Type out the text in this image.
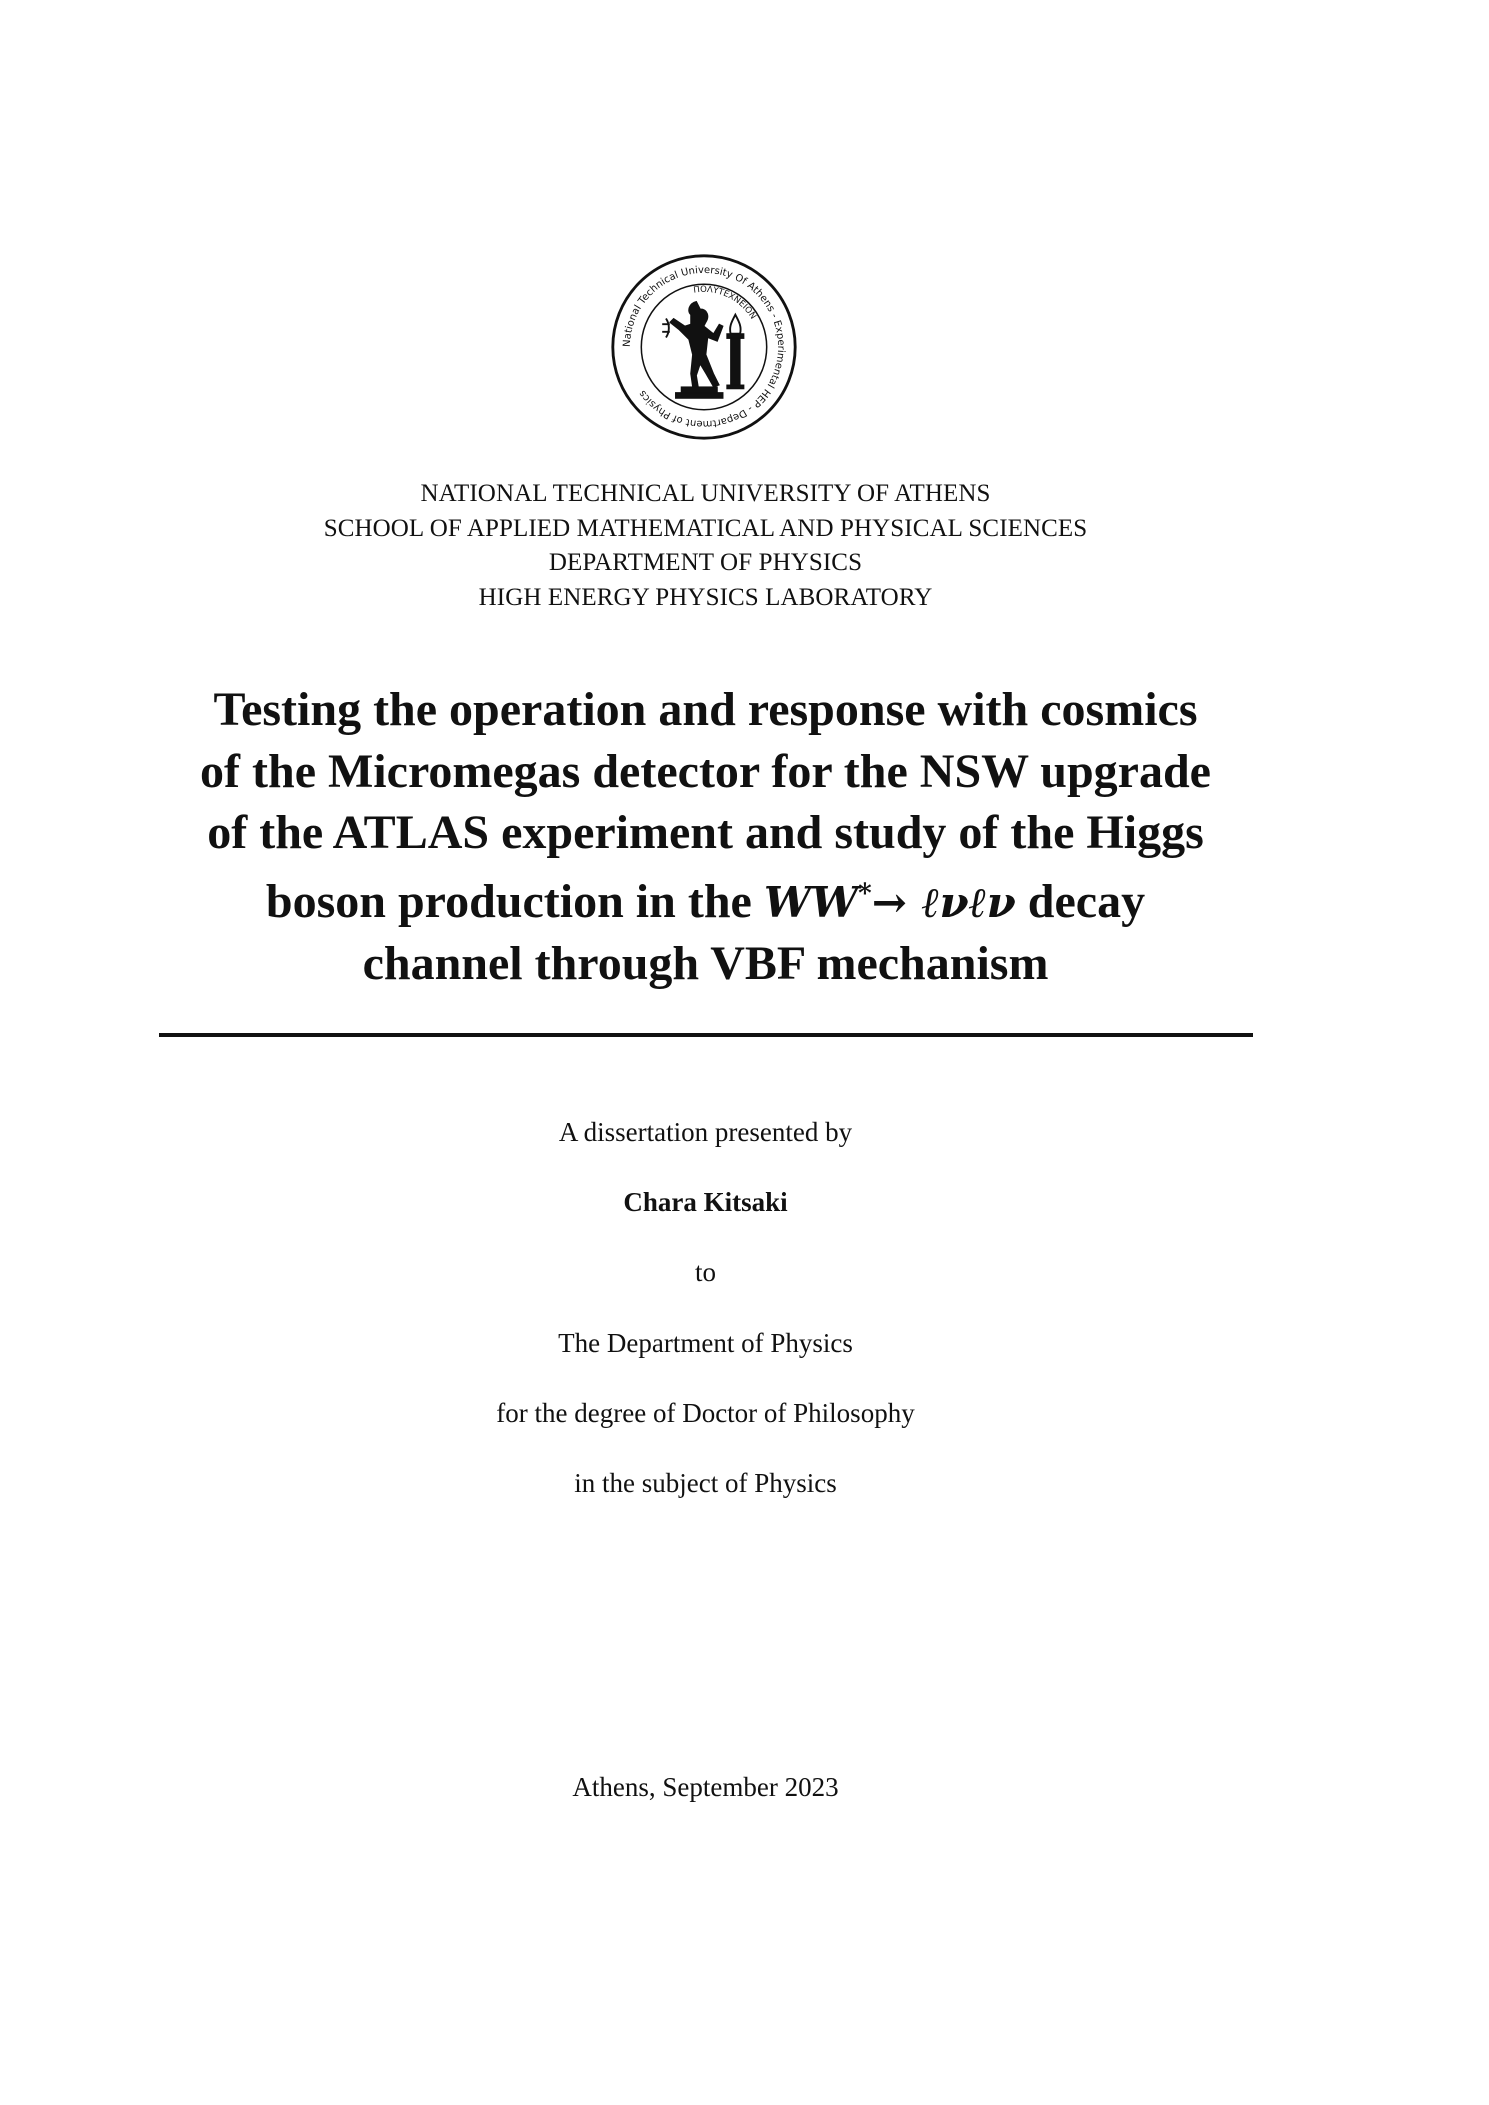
National Technical University Of Athens - Experimental HEP - Department of Physics
ΠΟΛΥΤΕΧΝΕΙΟΝ
NATIONAL TECHNICAL UNIVERSITY OF ATHENS
SCHOOL OF APPLIED MATHEMATICAL AND PHYSICAL SCIENCES
DEPARTMENT OF PHYSICS
HIGH ENERGY PHYSICS LABORATORY
Testing the operation and response with cosmics
of the Micromegas detector for the NSW upgrade
of the ATLAS experiment and study of the Higgs
boson production in the WW*→ ℓνℓν decay
channel through VBF mechanism
A dissertation presented by
Chara Kitsaki
to
The Department of Physics
for the degree of Doctor of Philosophy
in the subject of Physics
Athens, September 2023
